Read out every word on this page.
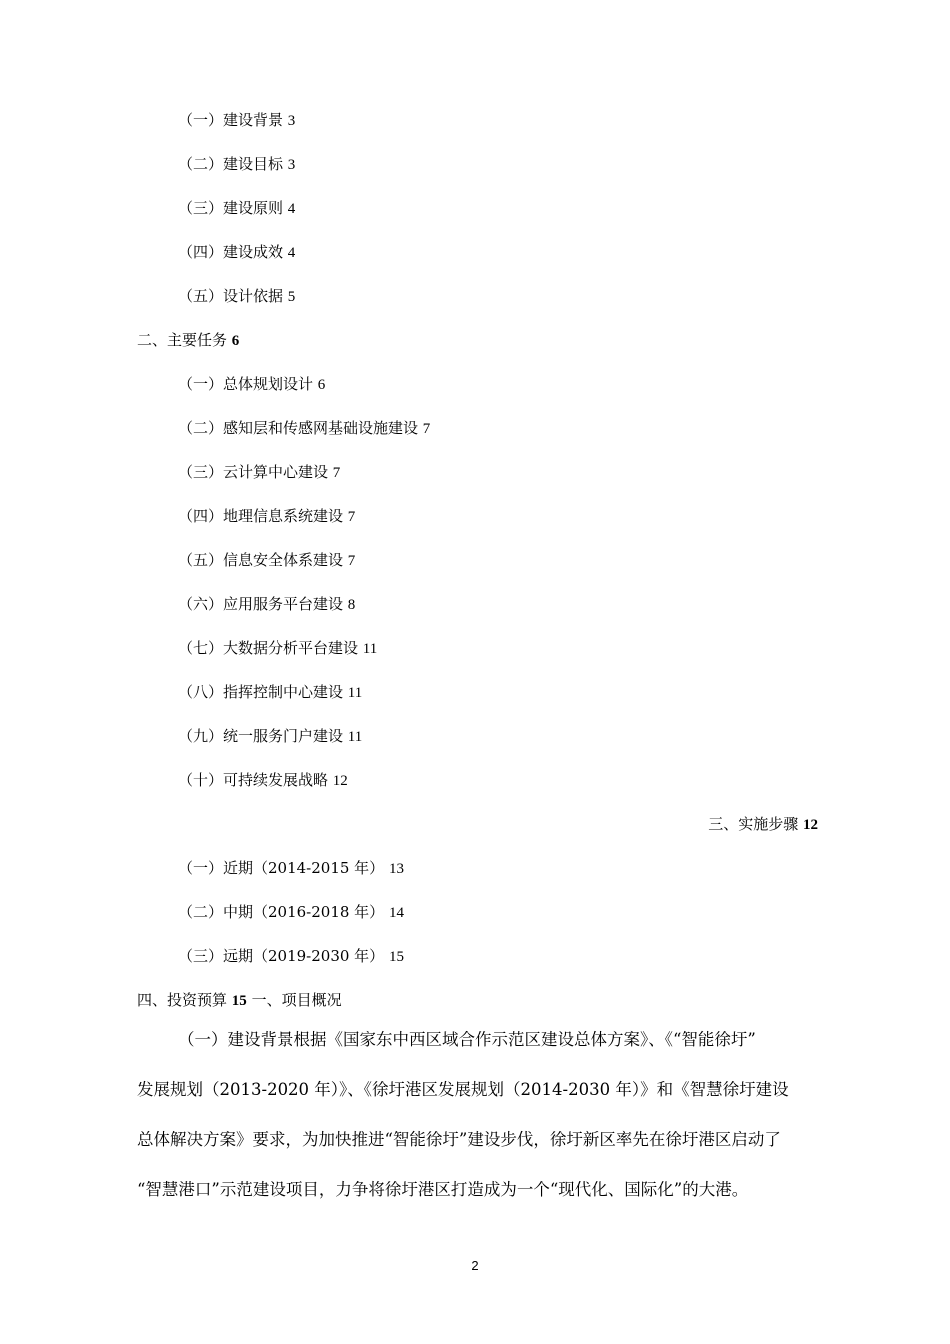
（一）建设背景 3
（二）建设目标 3
（三）建设原则 4
（四）建设成效 4
（五）设计依据 5
二、主要任务 6
（一）总体规划设计 6
（二）感知层和传感网基础设施建设 7
（三）云计算中心建设 7
（四）地理信息系统建设 7
（五）信息安全体系建设 7
（六）应用服务平台建设 8
（七）大数据分析平台建设 11
（八）指挥控制中心建设 11
（九）统一服务门户建设 11
（十）可持续发展战略 12
三、实施步骤 12
（一）近期（2014-2015 年） 13
（二）中期（2016-2018 年） 14
（三）远期（2019-2030 年） 15
四、投资预算 15 一、项目概况
（一）建设背景根据《国家东中西区域合作示范区建设总体方案》、《“智能徐圩”
发展规划（2013-2020 年）》、《徐圩港区发展规划（2014-2030 年）》和《智慧徐圩建设
总体解决方案》要求，为加快推进“智能徐圩”建设步伐，徐圩新区率先在徐圩港区启动了
“智慧港口”示范建设项目，力争将徐圩港区打造成为一个“现代化、国际化”的大港。
2
